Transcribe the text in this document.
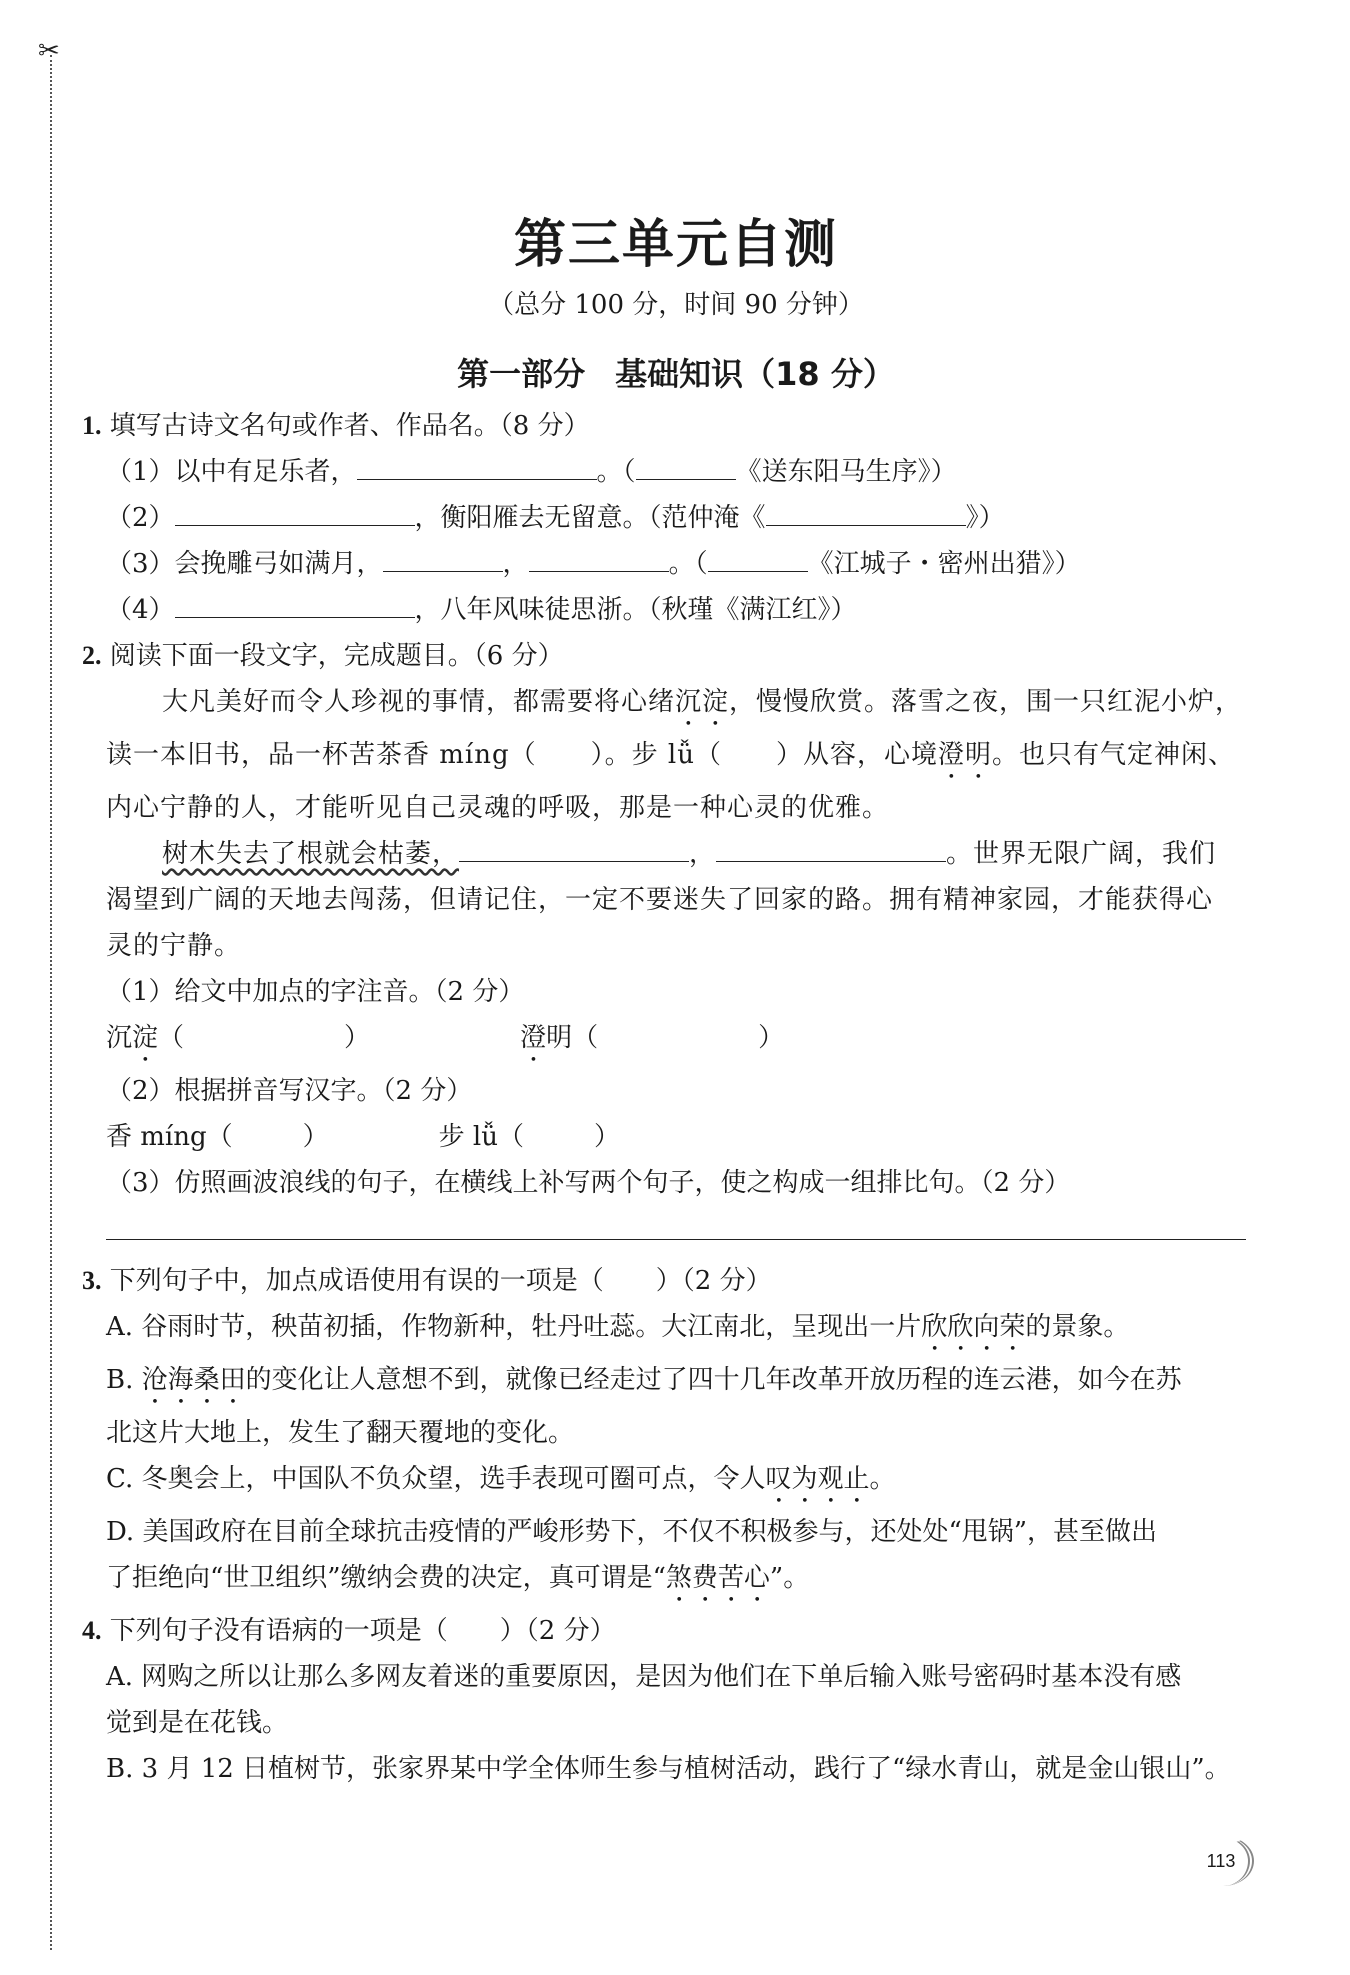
✂
第三单元自测

（总分 100 分，时间 90 分钟）

第一部分 基础知识（18 分）
1. 填写古诗文名句或作者、作品名。（8 分）
（1）以中有足乐者，	。（	《送东阳马生序》）
（2）	，衡阳雁去无留意。（范仲淹《	》）
（3）会挽雕弓如满月，	，	。（	《江城子・密州出猎》）
（4）	，八年风味徒思浙。（秋瑾《满江红》）
2. 阅读下面一段文字，完成题目。（6 分）
大凡美好而令人珍视的事情，都需要将心绪沉淀，慢慢欣赏。落雪之夜，围一只红泥小炉，
读一本旧书，品一杯苦茶香 míng（　　）。步 lǚ（　　）从容，心境澄明。也只有气定神闲、
内心宁静的人，才能听见自己灵魂的呼吸，那是一种心灵的优雅。
树木失去了根就会枯萎，	，	。世界无限广阔，我们
渴望到广阔的天地去闯荡，但请记住，一定不要迷失了回家的路。拥有精神家园，才能获得心
灵的宁静。
（1）给文中加点的字注音。（2 分）
沉淀（	）	澄明（	）
（2）根据拼音写汉字。（2 分）
香 míng（	）	步 lǚ（	）
（3）仿照画波浪线的句子，在横线上补写两个句子，使之构成一组排比句。（2 分）
3. 下列句子中，加点成语使用有误的一项是（　　）（2 分）
A. 谷雨时节，秧苗初插，作物新种，牡丹吐蕊。大江南北，呈现出一片欣欣向荣的景象。
B. 沧海桑田的变化让人意想不到，就像已经走过了四十几年改革开放历程的连云港，如今在苏
北这片大地上，发生了翻天覆地的变化。
C. 冬奥会上，中国队不负众望，选手表现可圈可点，令人叹为观止。
D. 美国政府在目前全球抗击疫情的严峻形势下，不仅不积极参与，还处处“甩锅”，甚至做出
了拒绝向“世卫组织”缴纳会费的决定，真可谓是“煞费苦心”。
4. 下列句子没有语病的一项是（　　）（2 分）
A. 网购之所以让那么多网友着迷的重要原因，是因为他们在下单后输入账号密码时基本没有感
觉到是在花钱。
B. 3 月 12 日植树节，张家界某中学全体师生参与植树活动，践行了“绿水青山，就是金山银山”。
113
